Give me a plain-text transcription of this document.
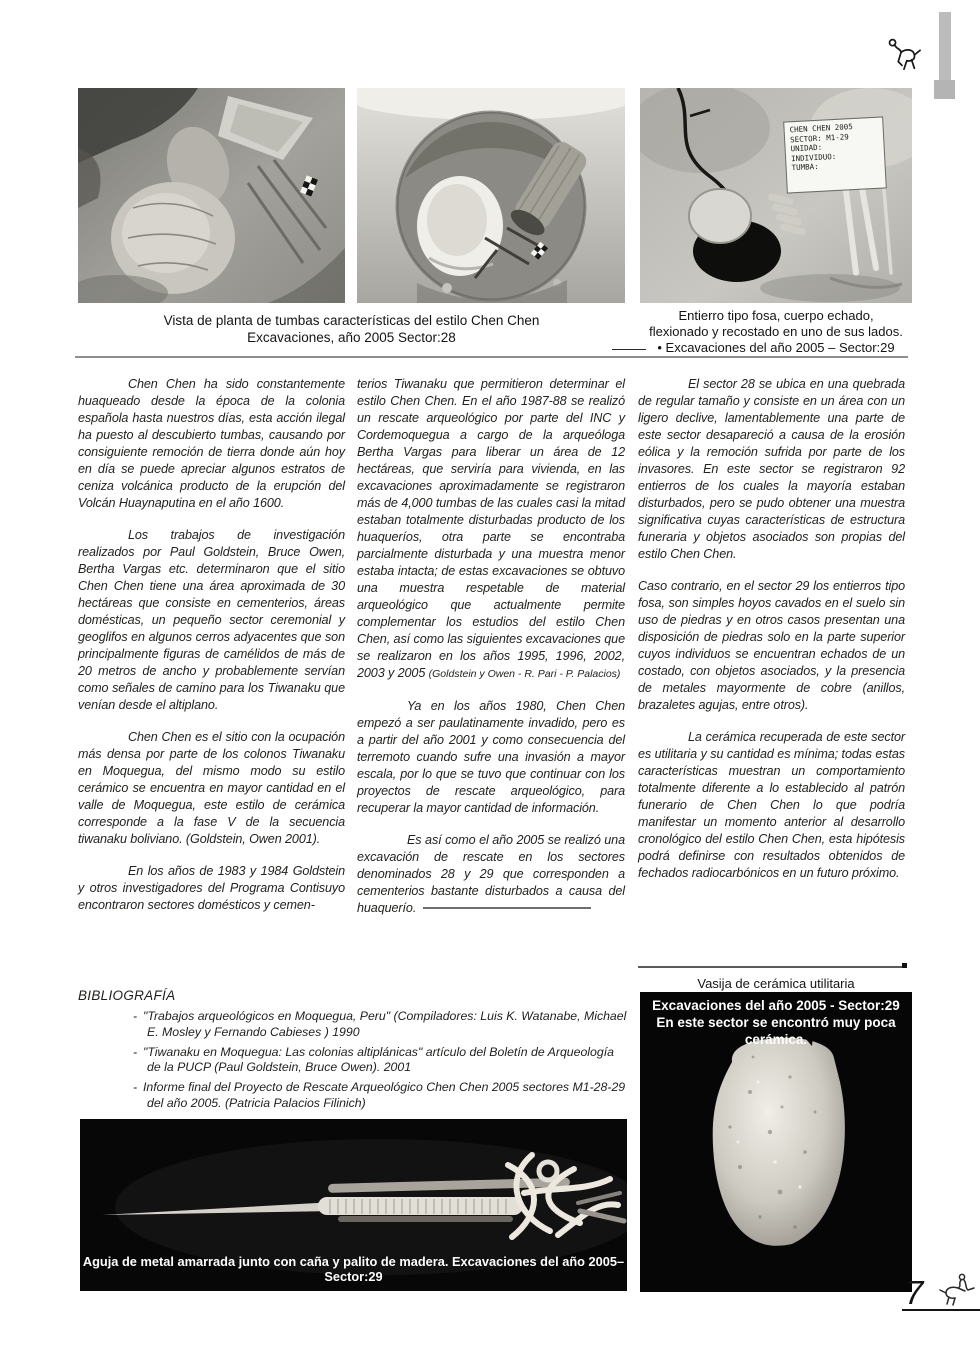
CHEN CHEN 2005
SECTOR: M1-29
UNIDAD:
INDIVIDUO:
TUMBA:
Vista de planta de tumbas características del estilo Chen Chen
Excavaciones, año 2005 Sector:28
Entierro tipo fosa, cuerpo echado,
flexionado y recostado en uno de sus lados.
• Excavaciones del año 2005 – Sector:29

Chen Chen ha sido constantemente huaqueado desde la época de la colonia española hasta nuestros días, esta acción ilegal ha puesto al descubierto tumbas, causando por consiguiente remoción de tierra donde aún hoy en día se puede apreciar algunos estratos de ceniza volcánica producto de la erupción del Volcán Huaynaputina en el año 1600.

Los trabajos de investigación realizados por Paul Goldstein, Bruce Owen, Bertha Vargas etc. determinaron que el sitio Chen Chen tiene una área aproximada de 30 hectáreas que consiste en cementerios, áreas domésticas, un pequeño sector ceremonial y geoglifos en algunos cerros adyacentes que son principalmente figuras de camélidos de más de 20 metros de ancho y probablemente servían como señales de camino para los Tiwanaku que venían desde el altiplano.

Chen Chen es el sitio con la ocupación más densa por parte de los colonos Tiwanaku en Moquegua, del mismo modo su estilo cerámico se encuentra en mayor cantidad en el valle de Moquegua, este estilo de cerámica corresponde a la fase V de la secuencia tiwanaku boliviano. (Goldstein, Owen 2001).

En los años de 1983 y 1984 Goldstein y otros investigadores del Programa Contisuyo encontraron sectores domésticos y cemen-

terios Tiwanaku que permitieron determinar el estilo Chen Chen. En el año 1987-88 se realizó un rescate arqueológico por parte del INC y Cordemoquegua a cargo de la arqueóloga Bertha Vargas para liberar un área de 12 hectáreas, que serviría para vivienda, en las excavaciones aproximadamente se registraron más de 4,000 tumbas de las cuales casi la mitad estaban totalmente disturbadas producto de los huaqueríos, otra parte se encontraba parcialmente disturbada y una muestra menor estaba intacta; de estas excavaciones se obtuvo una muestra respetable de material arqueológico que actualmente permite complementar los estudios del estilo Chen Chen, así como las siguientes excavaciones que se realizaron en los años 1995, 1996, 2002, 2003 y 2005 (Goldstein y Owen - R. Pari - P. Palacios)

Ya en los años 1980, Chen Chen empezó a ser paulatinamente invadido, pero es a partir del año 2001 y como consecuencia del terremoto cuando sufre una invasión a mayor escala, por lo que se tuvo que continuar con los proyectos de rescate arqueológico, para recuperar la mayor cantidad de información.

Es así como el año 2005 se realizó una excavación de rescate en los sectores denominados 28 y 29 que corresponden a cementerios bastante disturbados a causa del huaquerío.

El sector 28 se ubica en una quebrada de regular tamaño y consiste en un área con un ligero declive, lamentablemente una parte de este sector desapareció a causa de la erosión eólica y la remoción sufrida por parte de los invasores. En este sector se registraron 92 entierros de los cuales la mayoría estaban disturbados, pero se pudo obtener una muestra significativa cuyas características de estructura funeraria y objetos asociados son propias del estilo Chen Chen.

Caso contrario, en el sector 29 los entierros tipo fosa, son simples hoyos cavados en el suelo sin uso de piedras y en otros casos presentan una disposición de piedras solo en la parte superior cuyos individuos se encuentran echados de un costado, con objetos asociados, y la presencia de metales mayormente de cobre (anillos, brazaletes agujas, entre otros).

La cerámica recuperada de este sector es utilitaria y su cantidad es mínima; todas estas características muestran un comportamiento totalmente diferente a lo establecido al patrón funerario de Chen Chen lo que podría manifestar un momento anterior al desarrollo cronológico del estilo Chen Chen, esta hipótesis podrá definirse con resultados obtenidos de fechados radiocarbónicos en un futuro próximo.

BIBLIOGRAFÍA
- "Trabajos arqueológicos en Moquegua, Peru" (Compiladores: Luis K. Watanabe, Michael E. Mosley y Fernando Cabieses ) 1990
- "Tiwanaku en Moquegua: Las colonias altiplánicas" artículo del Boletín de Arqueología de la PUCP (Paul Goldstein, Bruce Owen). 2001
- Informe final del Proyecto de Rescate Arqueológico Chen Chen 2005 sectores M1-28-29 del año 2005. (Patricia Palacios Filinich)
Vasija de cerámica utilitaria
Excavaciones del año 2005 - Sector:29
En este sector se encontró muy poca cerámica.
Aguja de metal amarrada junto con caña y palito de madera. Excavaciones del año 2005–Sector:29	7
